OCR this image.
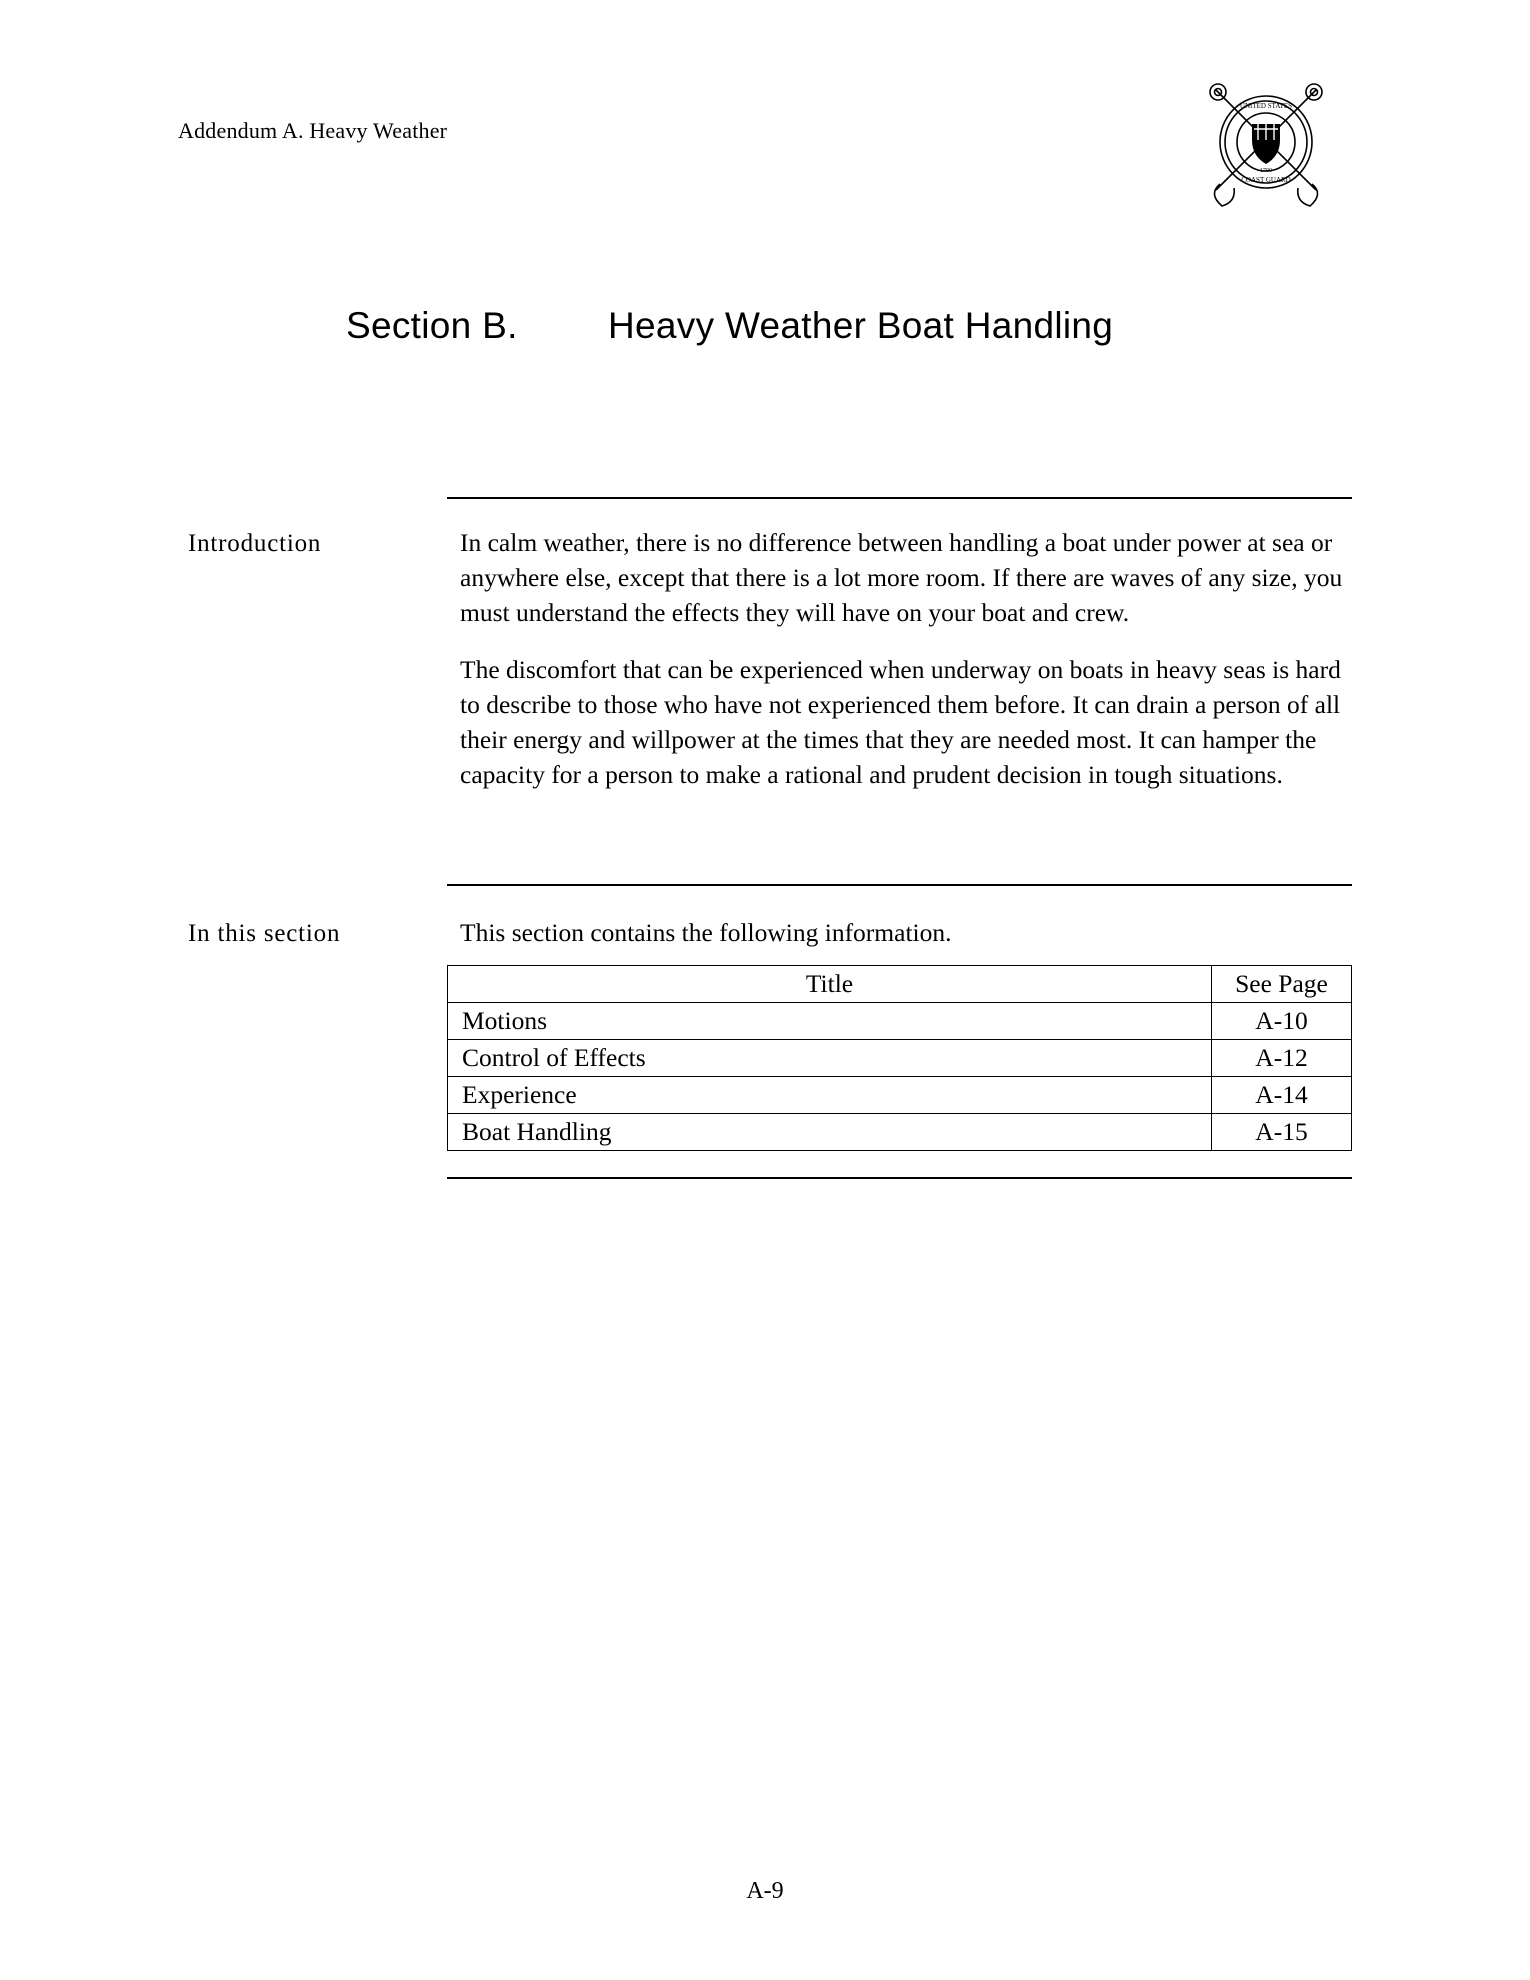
Addendum A. Heavy Weather
UNITED STATES
COAST GUARD
1790
Section B. Heavy Weather Boat Handling
Introduction	In calm weather, there is no difference between handling a boat under power at sea or anywhere else, except that there is a lot more room. If there are waves of any size, you must understand the effects they will have on your boat and crew.

The discomfort that can be experienced when underway on boats in heavy seas is hard to describe to those who have not experienced them before. It can drain a person of all their energy and willpower at the times that they are needed most. It can hamper the capacity for a person to make a rational and prudent decision in tough situations.

In this section	This section contains the following information.

Title	See Page
Motions	A-10
Control of Effects	A-12
Experience	A-14
Boat Handling	A-15
A-9
